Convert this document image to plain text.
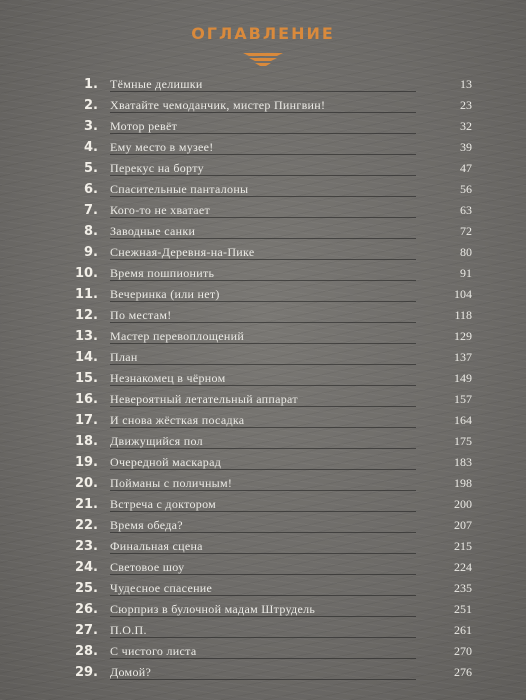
ОГЛАВЛЕНИЕ
1. Тёмные делишки	13
2. Хватайте чемоданчик, мистер Пингвин!	23
3. Мотор ревёт	32
4. Ему место в музее!	39
5. Перекус на борту	47
6. Спасительные панталоны	56
7. Кого-то не хватает	63
8. Заводные санки	72
9. Снежная-Деревня-на-Пике	80
10. Время пошпионить	91
11. Вечеринка (или нет)	104
12. По местам!	118
13. Мастер перевоплощений	129
14. План	137
15. Незнакомец в чёрном	149
16. Невероятный летательный аппарат	157
17. И снова жёсткая посадка	164
18. Движущийся пол	175
19. Очередной маскарад	183
20. Пойманы с поличным!	198
21. Встреча с доктором	200
22. Время обеда?	207
23. Финальная сцена	215
24. Световое шоу	224
25. Чудесное спасение	235
26. Сюрприз в булочной мадам Штрудель	251
27. П.О.П.	261
28. С чистого листа	270
29. Домой?	276
